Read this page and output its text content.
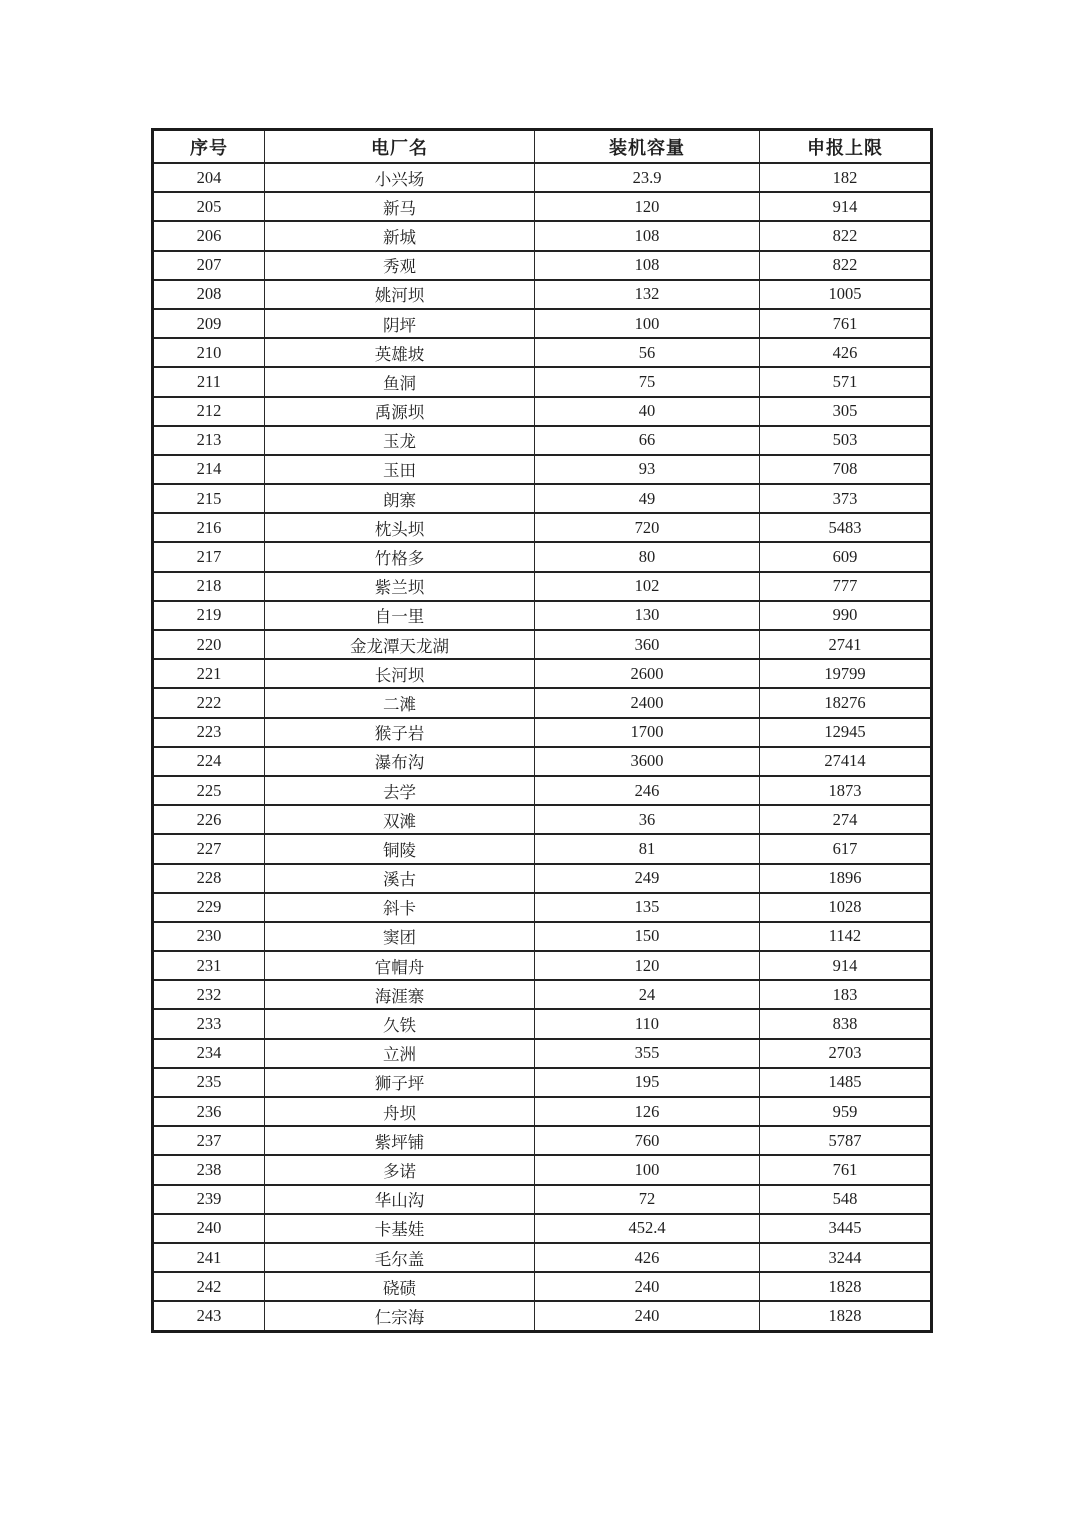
序号	电厂名	装机容量	申报上限
204	小兴场	23.9	182
205	新马	120	914
206	新城	108	822
207	秀观	108	822
208	姚河坝	132	1005
209	阴坪	100	761
210	英雄坡	56	426
211	鱼洞	75	571
212	禹源坝	40	305
213	玉龙	66	503
214	玉田	93	708
215	朗寨	49	373
216	枕头坝	720	5483
217	竹格多	80	609
218	紫兰坝	102	777
219	自一里	130	990
220	金龙潭天龙湖	360	2741
221	长河坝	2600	19799
222	二滩	2400	18276
223	猴子岩	1700	12945
224	瀑布沟	3600	27414
225	去学	246	1873
226	双滩	36	274
227	铜陵	81	617
228	溪古	249	1896
229	斜卡	135	1028
230	窦团	150	1142
231	官帽舟	120	914
232	海涯寨	24	183
233	久铁	110	838
234	立洲	355	2703
235	狮子坪	195	1485
236	舟坝	126	959
237	紫坪铺	760	5787
238	多诺	100	761
239	华山沟	72	548
240	卡基娃	452.4	3445
241	毛尔盖	426	3244
242	硗碛	240	1828
243	仁宗海	240	1828
